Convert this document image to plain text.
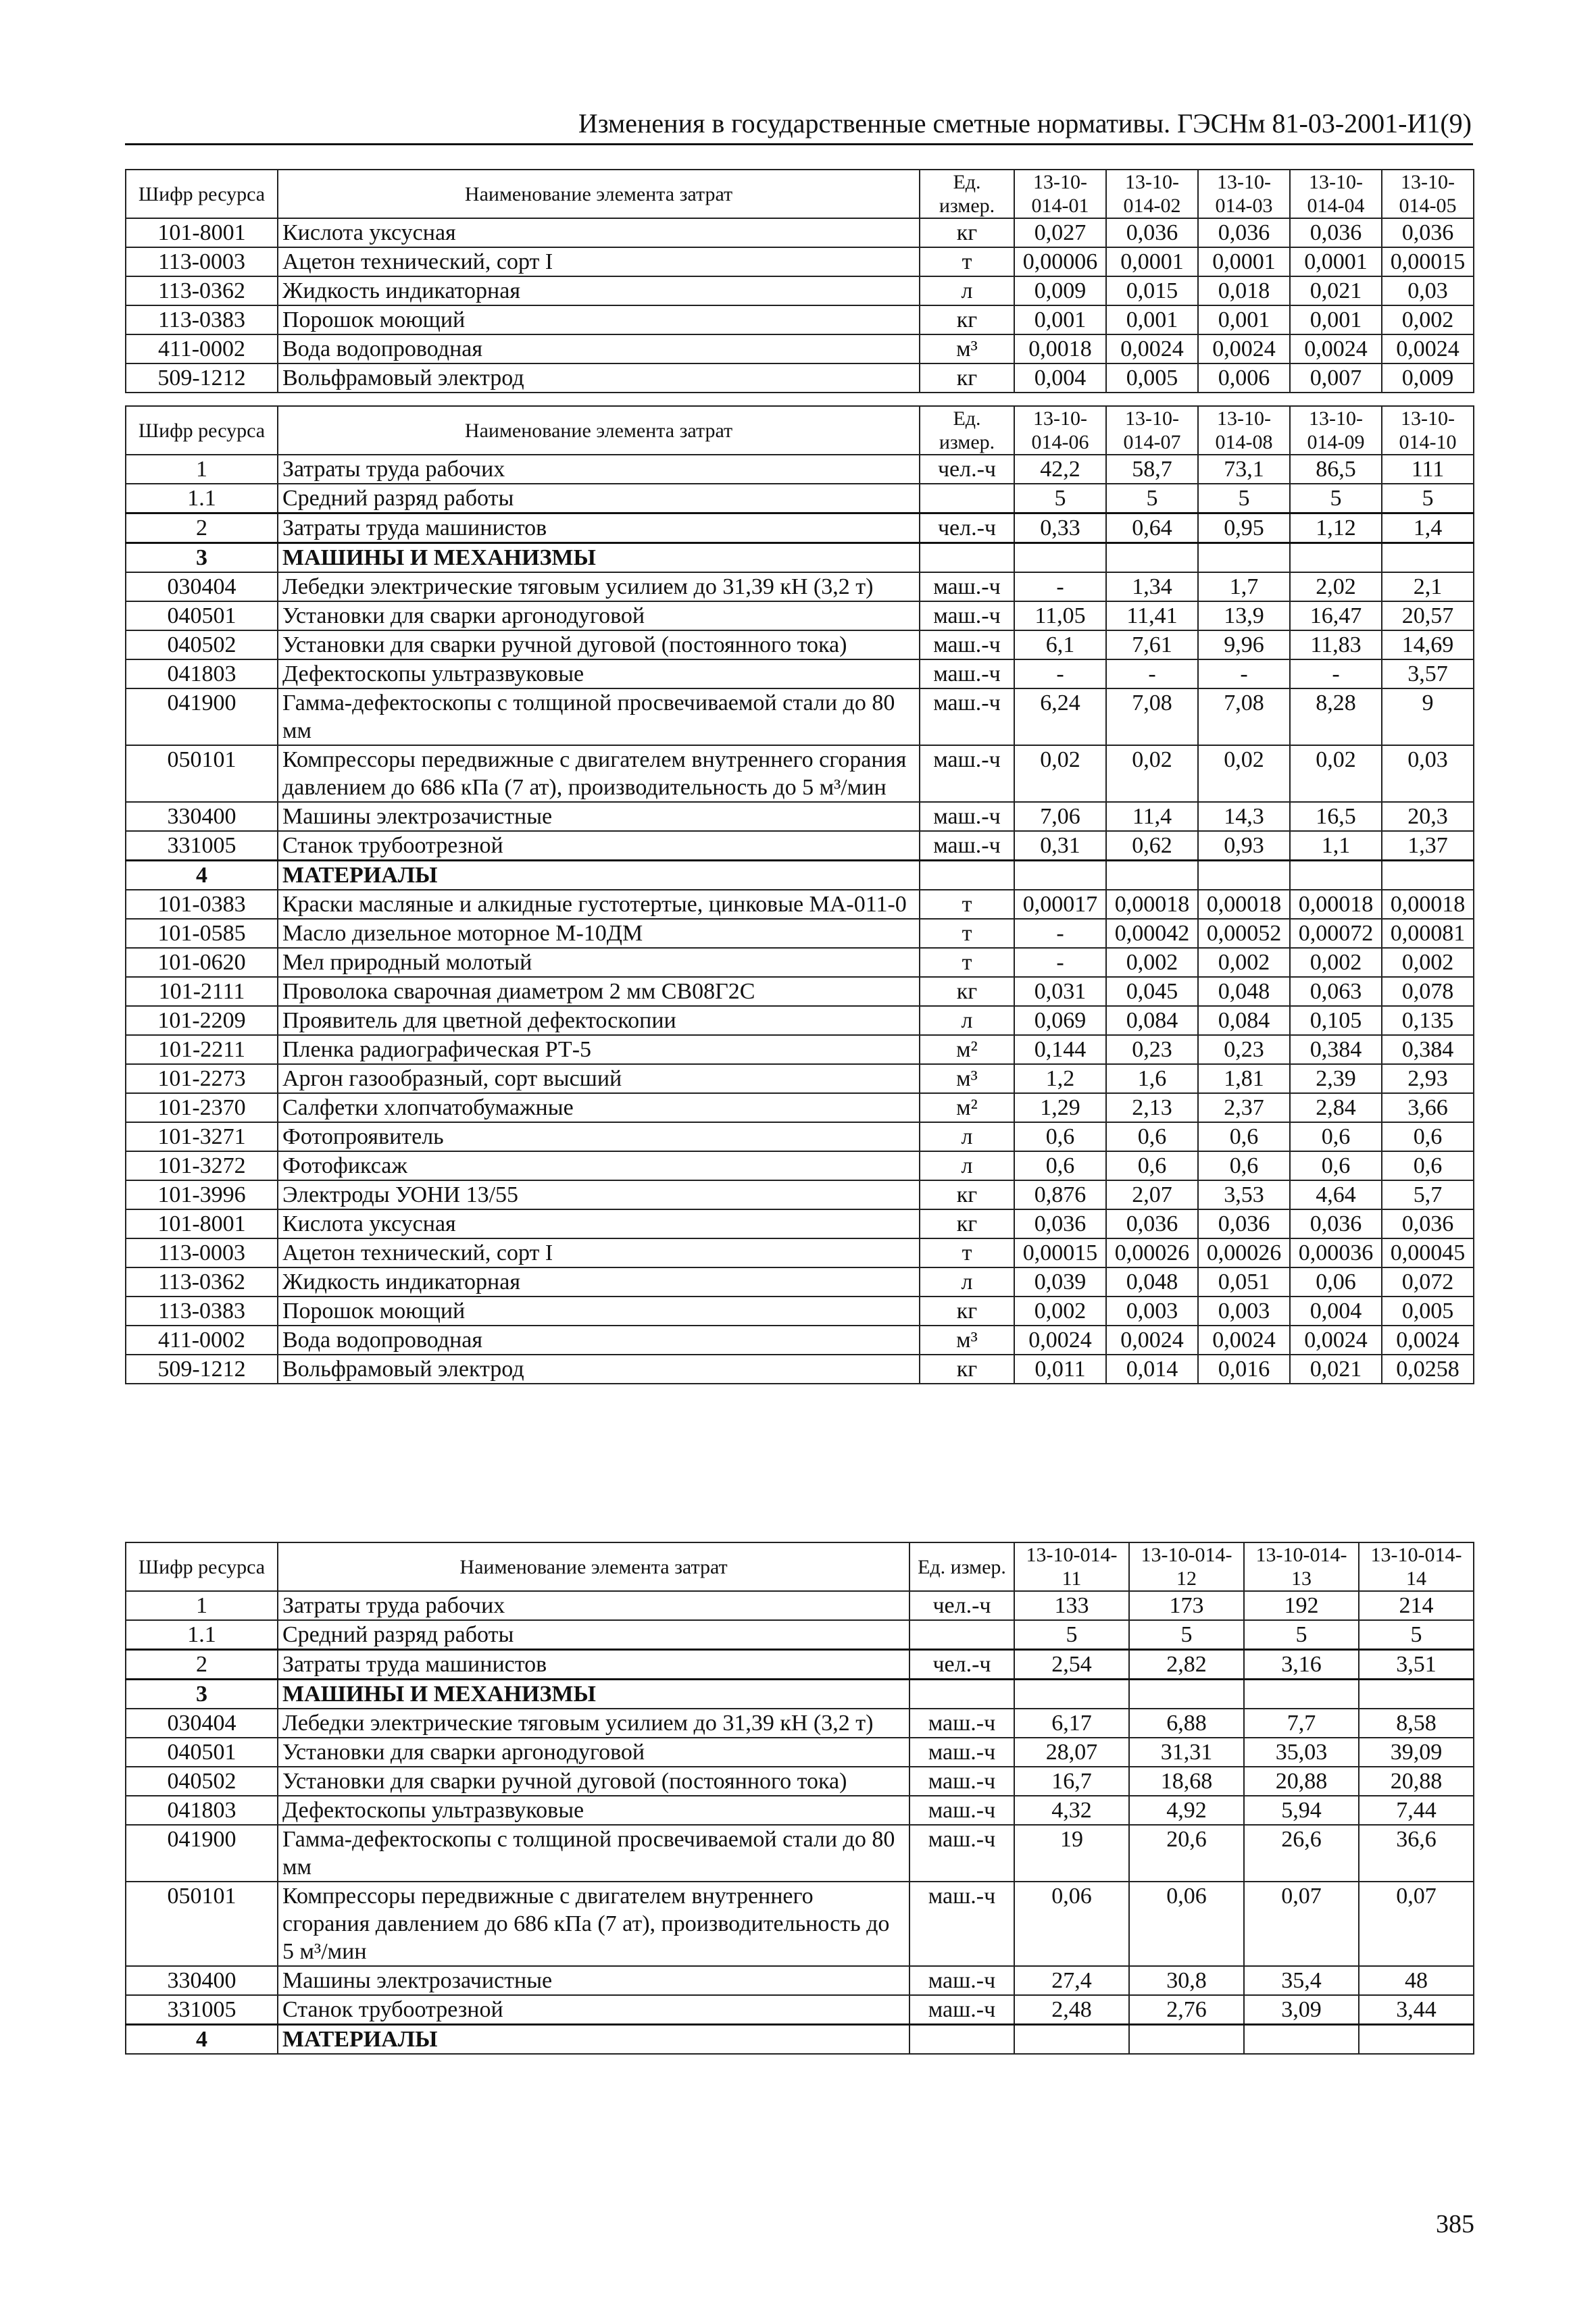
Изменения в государственные сметные нормативы. ГЭСНм 81-03-2001-И1(9)
Шифр ресурса	Наименование элемента затрат	Ед. измер.	13-10-014-01	13-10-014-02	13-10-014-03	13-10-014-04	13-10-014-05
101-8001	Кислота уксусная	кг	0,027	0,036	0,036	0,036	0,036
113-0003	Ацетон технический, сорт I	т	0,00006	0,0001	0,0001	0,0001	0,00015
113-0362	Жидкость индикаторная	л	0,009	0,015	0,018	0,021	0,03
113-0383	Порошок моющий	кг	0,001	0,001	0,001	0,001	0,002
411-0002	Вода водопроводная	м³	0,0018	0,0024	0,0024	0,0024	0,0024
509-1212	Вольфрамовый электрод	кг	0,004	0,005	0,006	0,007	0,009
Шифр ресурса	Наименование элемента затрат	Ед. измер.	13-10-014-06	13-10-014-07	13-10-014-08	13-10-014-09	13-10-014-10
1	Затраты труда рабочих	чел.-ч	42,2	58,7	73,1	86,5	111
1.1	Средний разряд работы		5	5	5	5	5
2	Затраты труда машинистов	чел.-ч	0,33	0,64	0,95	1,12	1,4
3	МАШИНЫ И МЕХАНИЗМЫ						
030404	Лебедки электрические тяговым усилием до 31,39 кН (3,2 т)	маш.-ч	-	1,34	1,7	2,02	2,1
040501	Установки для сварки аргонодуговой	маш.-ч	11,05	11,41	13,9	16,47	20,57
040502	Установки для сварки ручной дуговой (постоянного тока)	маш.-ч	6,1	7,61	9,96	11,83	14,69
041803	Дефектоскопы ультразвуковые	маш.-ч	-	-	-	-	3,57
041900	Гамма-дефектоскопы с толщиной просвечиваемой стали до 80 мм	маш.-ч	6,24	7,08	7,08	8,28	9
050101	Компрессоры передвижные с двигателем внутреннего сгорания давлением до 686 кПа (7 ат), производительность до 5 м³/мин	маш.-ч	0,02	0,02	0,02	0,02	0,03
330400	Машины электрозачистные	маш.-ч	7,06	11,4	14,3	16,5	20,3
331005	Станок трубоотрезной	маш.-ч	0,31	0,62	0,93	1,1	1,37
4	МАТЕРИАЛЫ						
101-0383	Краски масляные и алкидные густотертые, цинковые МА-011-0	т	0,00017	0,00018	0,00018	0,00018	0,00018
101-0585	Масло дизельное моторное М-10ДМ	т	-	0,00042	0,00052	0,00072	0,00081
101-0620	Мел природный молотый	т	-	0,002	0,002	0,002	0,002
101-2111	Проволока сварочная диаметром 2 мм СВ08Г2С	кг	0,031	0,045	0,048	0,063	0,078
101-2209	Проявитель для цветной дефектоскопии	л	0,069	0,084	0,084	0,105	0,135
101-2211	Пленка радиографическая РТ-5	м²	0,144	0,23	0,23	0,384	0,384
101-2273	Аргон газообразный, сорт высший	м³	1,2	1,6	1,81	2,39	2,93
101-2370	Салфетки хлопчатобумажные	м²	1,29	2,13	2,37	2,84	3,66
101-3271	Фотопроявитель	л	0,6	0,6	0,6	0,6	0,6
101-3272	Фотофиксаж	л	0,6	0,6	0,6	0,6	0,6
101-3996	Электроды УОНИ 13/55	кг	0,876	2,07	3,53	4,64	5,7
101-8001	Кислота уксусная	кг	0,036	0,036	0,036	0,036	0,036
113-0003	Ацетон технический, сорт I	т	0,00015	0,00026	0,00026	0,00036	0,00045
113-0362	Жидкость индикаторная	л	0,039	0,048	0,051	0,06	0,072
113-0383	Порошок моющий	кг	0,002	0,003	0,003	0,004	0,005
411-0002	Вода водопроводная	м³	0,0024	0,0024	0,0024	0,0024	0,0024
509-1212	Вольфрамовый электрод	кг	0,011	0,014	0,016	0,021	0,0258
Шифр ресурса	Наименование элемента затрат	Ед. измер.	13-10-014-11	13-10-014-12	13-10-014-13	13-10-014-14
1	Затраты труда рабочих	чел.-ч	133	173	192	214
1.1	Средний разряд работы		5	5	5	5
2	Затраты труда машинистов	чел.-ч	2,54	2,82	3,16	3,51
3	МАШИНЫ И МЕХАНИЗМЫ					
030404	Лебедки электрические тяговым усилием до 31,39 кН (3,2 т)	маш.-ч	6,17	6,88	7,7	8,58
040501	Установки для сварки аргонодуговой	маш.-ч	28,07	31,31	35,03	39,09
040502	Установки для сварки ручной дуговой (постоянного тока)	маш.-ч	16,7	18,68	20,88	20,88
041803	Дефектоскопы ультразвуковые	маш.-ч	4,32	4,92	5,94	7,44
041900	Гамма-дефектоскопы с толщиной просвечиваемой стали до 80 мм	маш.-ч	19	20,6	26,6	36,6
050101	Компрессоры передвижные с двигателем внутреннего сгорания давлением до 686 кПа (7 ат), производительность до 5 м³/мин	маш.-ч	0,06	0,06	0,07	0,07
330400	Машины электрозачистные	маш.-ч	27,4	30,8	35,4	48
331005	Станок трубоотрезной	маш.-ч	2,48	2,76	3,09	3,44
4	МАТЕРИАЛЫ					
385
